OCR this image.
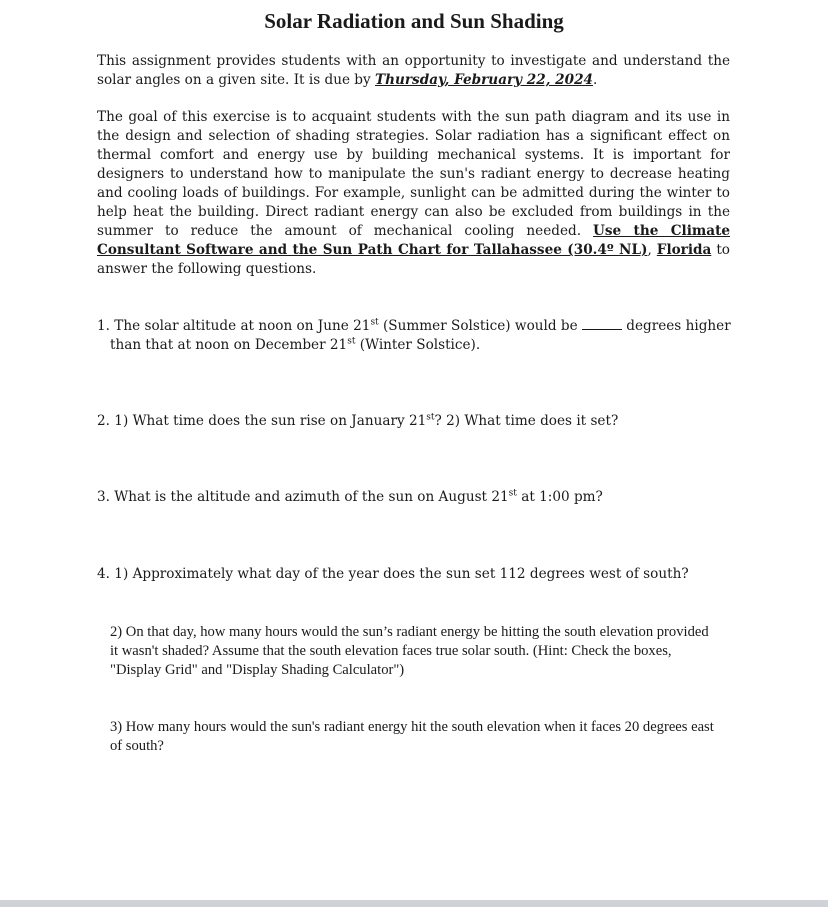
Solar Radiation and Sun Shading

This assignment provides students with an opportunity to investigate and understand the solar angles on a given site. It is due by Thursday, February 22, 2024.

The goal of this exercise is to acquaint students with the sun path diagram and its use in the design and selection of shading strategies. Solar radiation has a significant effect on thermal comfort and energy use by building mechanical systems. It is important for designers to understand how to manipulate the sun's radiant energy to decrease heating and cooling loads of buildings. For example, sunlight can be admitted during the winter to help heat the building. Direct radiant energy can also be excluded from buildings in the summer to reduce the amount of mechanical cooling needed. Use the Climate Consultant Software and the Sun Path Chart for Tallahassee (30.4º NL), Florida to answer the following questions.

1. The solar altitude at noon on June 21st (Summer Solstice) would be	degrees higher

than that at noon on December 21st (Winter Solstice).

2. 1) What time does the sun rise on January 21st? 2) What time does it set?

3. What is the altitude and azimuth of the sun on August 21st at 1:00 pm?

4. 1) Approximately what day of the year does the sun set 112 degrees west of south?

2) On that day, how many hours would the sun’s radiant energy be hitting the south elevation provided it wasn't shaded? Assume that the south elevation faces true solar south. (Hint: Check the boxes, "Display Grid" and "Display Shading Calculator")

3) How many hours would the sun's radiant energy hit the south elevation when it faces 20 degrees east of south?
